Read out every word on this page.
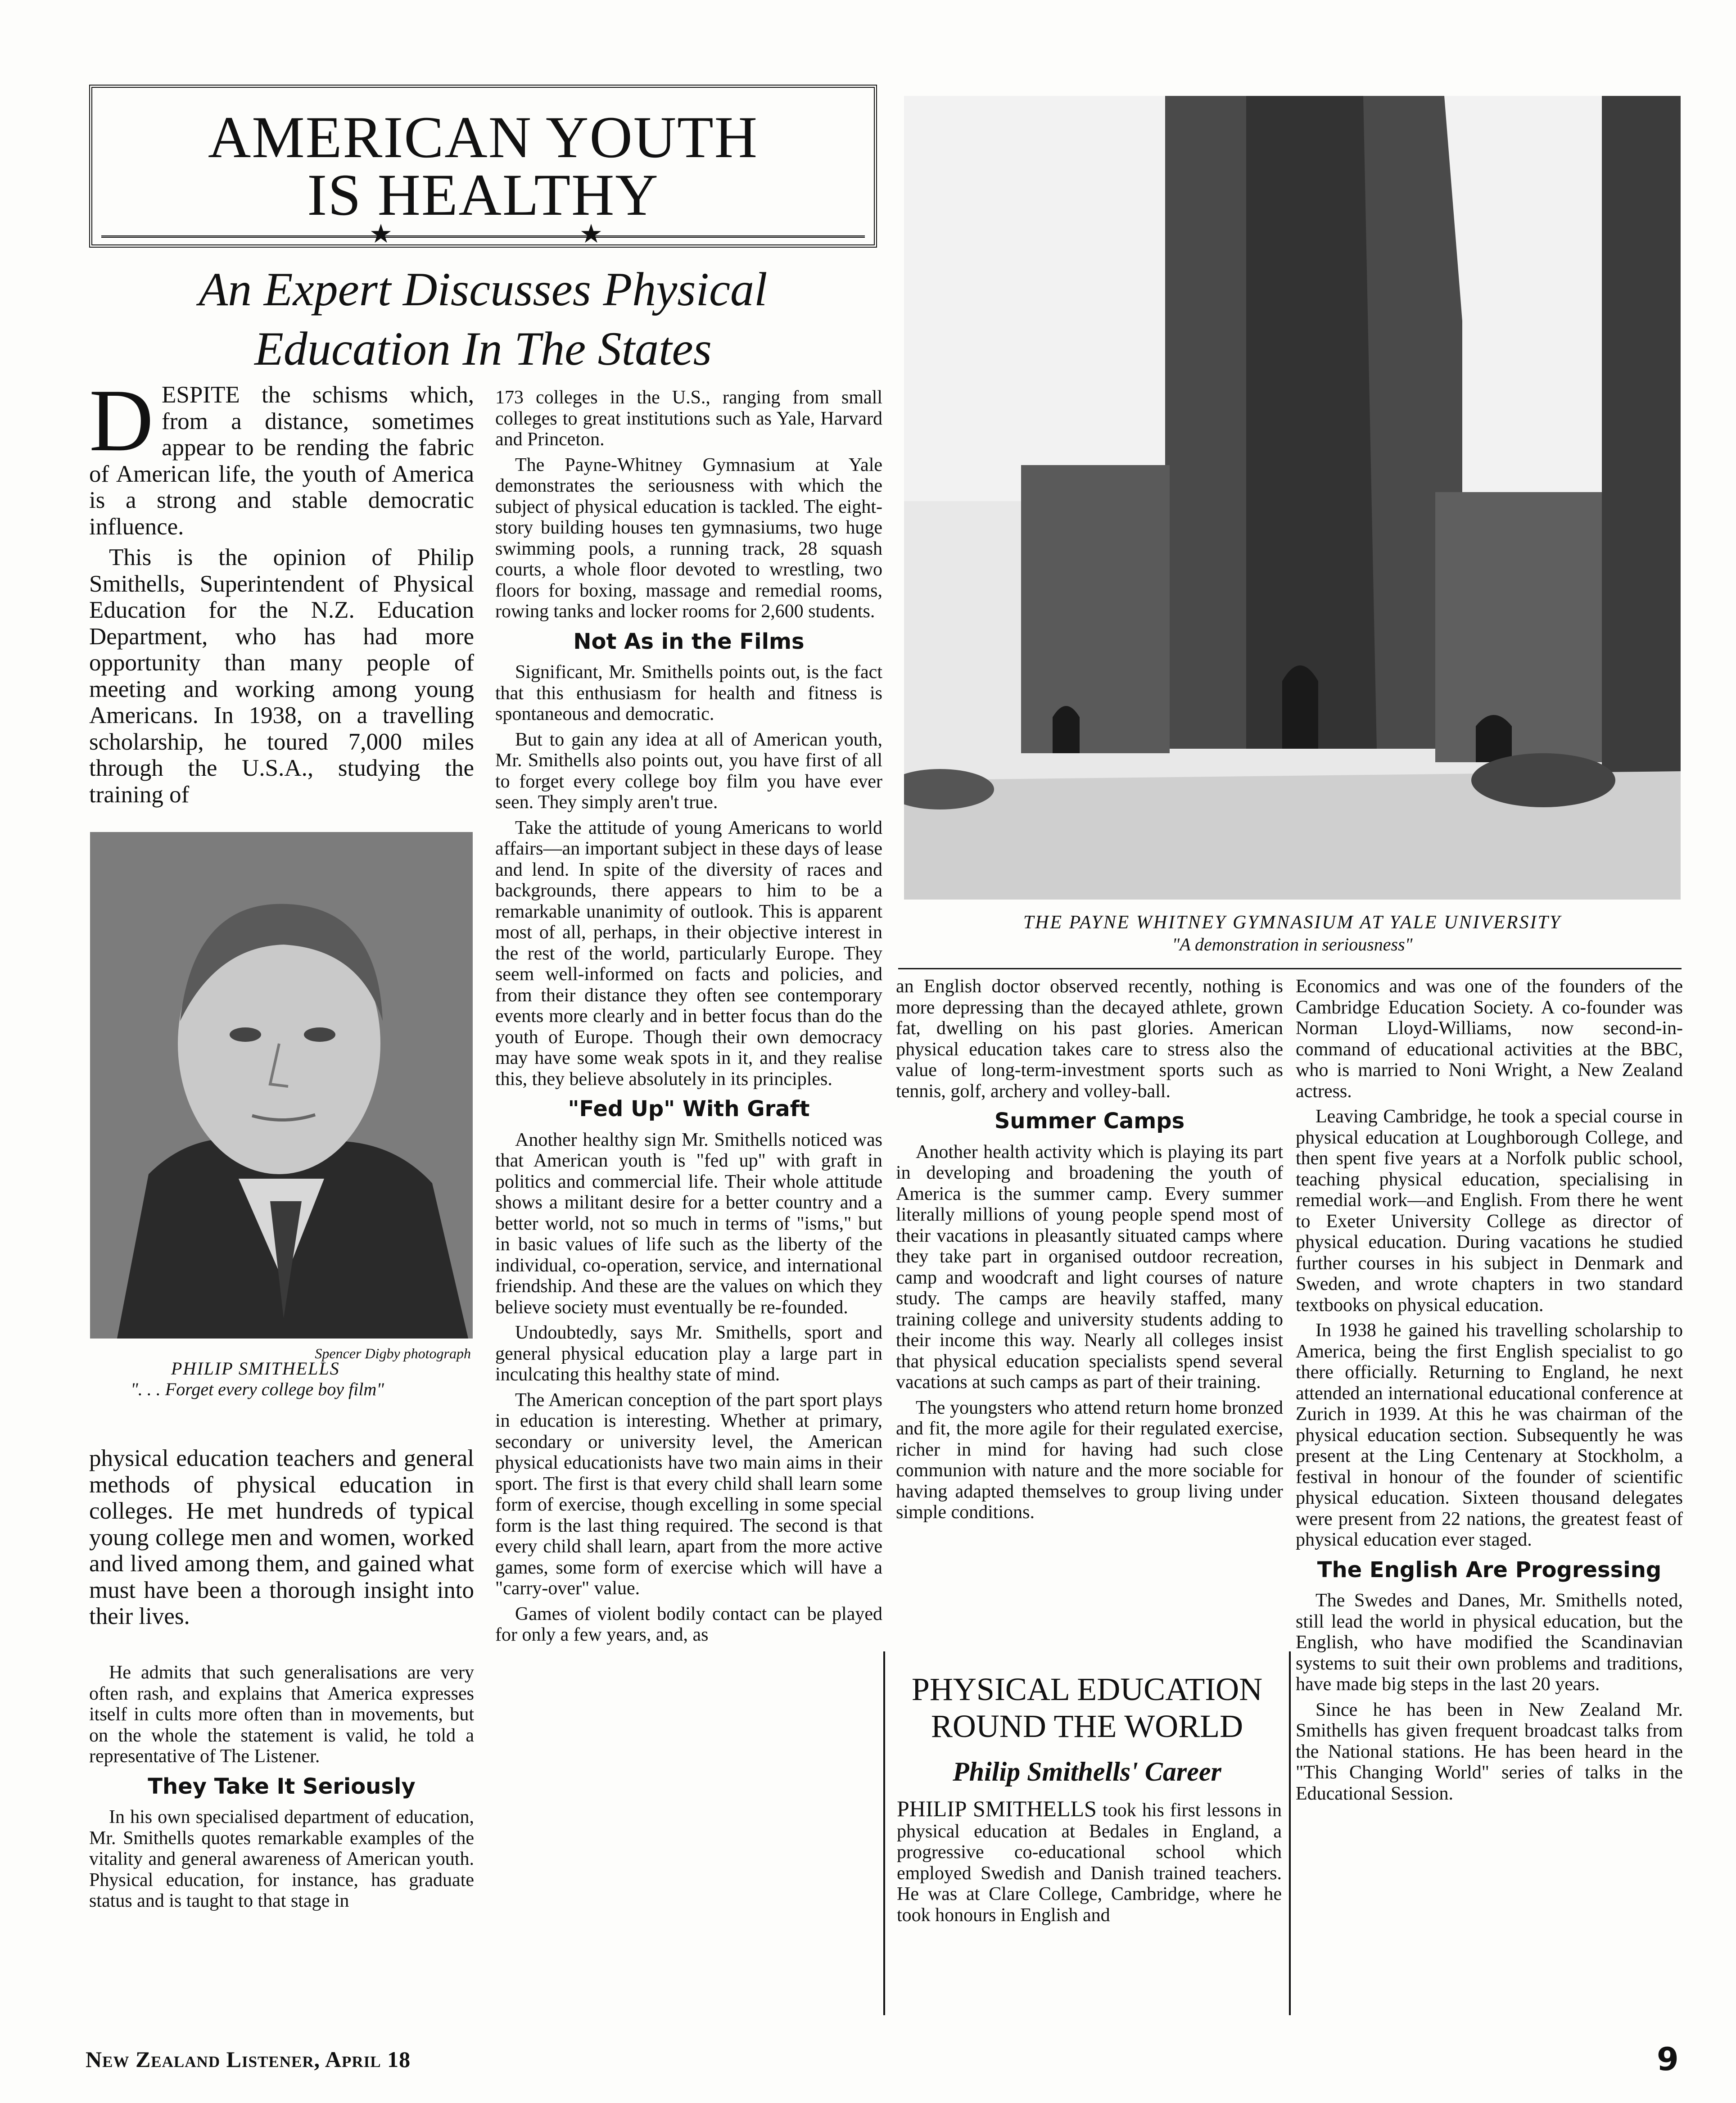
AMERICAN YOUTH
IS HEALTHY
★	★
An Expert Discusses Physical
Education In The States
D ESPITE the schisms which, from a distance, sometimes appear to be rending the fabric of American life, the youth of America is a strong and stable democratic influence.

This is the opinion of Philip Smithells, Superintendent of Physical Education for the N.Z. Education Department, who has had more opportunity than many people of meeting and working among young Americans. In 1938, on a travelling scholarship, he toured 7,000 miles through the U.S.A., studying the training of

Spencer Digby photograph
PHILIP SMITHELLS
". . . Forget every college boy film"

physical education teachers and general methods of physical education in colleges. He met hundreds of typical young college men and women, worked and lived among them, and gained what must have been a thorough insight into their lives.

He admits that such generalisations are very often rash, and explains that America expresses itself in cults more often than in movements, but on the whole the statement is valid, he told a representative of The Listener.

They Take It Seriously

In his own specialised department of education, Mr. Smithells quotes remarkable examples of the vitality and general awareness of American youth. Physical education, for instance, has graduate status and is taught to that stage in

173 colleges in the U.S., ranging from small colleges to great institutions such as Yale, Harvard and Princeton.

The Payne-Whitney Gymnasium at Yale demonstrates the seriousness with which the subject of physical education is tackled. The eight-story building houses ten gymnasiums, two huge swimming pools, a running track, 28 squash courts, a whole floor devoted to wrestling, two floors for boxing, massage and remedial rooms, rowing tanks and locker rooms for 2,600 students.

Not As in the Films

Significant, Mr. Smithells points out, is the fact that this enthusiasm for health and fitness is spontaneous and democratic.

But to gain any idea at all of American youth, Mr. Smithells also points out, you have first of all to forget every college boy film you have ever seen. They simply aren't true.

Take the attitude of young Americans to world affairs—an important subject in these days of lease and lend. In spite of the diversity of races and backgrounds, there appears to him to be a remarkable unanimity of outlook. This is apparent most of all, perhaps, in their objective interest in the rest of the world, particularly Europe. They seem well-informed on facts and policies, and from their distance they often see contemporary events more clearly and in better focus than do the youth of Europe. Though their own democracy may have some weak spots in it, and they realise this, they believe absolutely in its principles.

"Fed Up" With Graft

Another healthy sign Mr. Smithells noticed was that American youth is "fed up" with graft in politics and commercial life. Their whole attitude shows a militant desire for a better country and a better world, not so much in terms of "isms," but in basic values of life such as the liberty of the individual, co-operation, service, and international friendship. And these are the values on which they believe society must eventually be re-founded.

Undoubtedly, says Mr. Smithells, sport and general physical education play a large part in inculcating this healthy state of mind.

The American conception of the part sport plays in education is interesting. Whether at primary, secondary or university level, the American physical educationists have two main aims in their sport. The first is that every child shall learn some form of exercise, though excelling in some special form is the last thing required. The second is that every child shall learn, apart from the more active games, some form of exercise which will have a "carry-over" value.

Games of violent bodily contact can be played for only a few years, and, as

THE PAYNE WHITNEY GYMNASIUM AT YALE UNIVERSITY
"A demonstration in seriousness"

an English doctor observed recently, nothing is more depressing than the decayed athlete, grown fat, dwelling on his past glories. American physical education takes care to stress also the value of long-term-investment sports such as tennis, golf, archery and volley-ball.

Summer Camps

Another health activity which is playing its part in developing and broadening the youth of America is the summer camp. Every summer literally millions of young people spend most of their vacations in pleasantly situated camps where they take part in organised outdoor recreation, camp and woodcraft and light courses of nature study. The camps are heavily staffed, many training college and university students adding to their income this way. Nearly all colleges insist that physical education specialists spend several vacations at such camps as part of their training.

The youngsters who attend return home bronzed and fit, the more agile for their regulated exercise, richer in mind for having had such close communion with nature and the more sociable for having adapted themselves to group living under simple conditions.

PHYSICAL EDUCATION
ROUND THE WORLD
Philip Smithells' Career

PHILIP SMITHELLS took his first lessons in physical education at Bedales in England, a progressive co-educational school which employed Swedish and Danish trained teachers. He was at Clare College, Cambridge, where he took honours in English and

Economics and was one of the founders of the Cambridge Education Society. A co-founder was Norman Lloyd-Williams, now second-in-command of educational activities at the BBC, who is married to Noni Wright, a New Zealand actress.

Leaving Cambridge, he took a special course in physical education at Loughborough College, and then spent five years at a Norfolk public school, teaching physical education, specialising in remedial work—and English. From there he went to Exeter University College as director of physical education. During vacations he studied further courses in his subject in Denmark and Sweden, and wrote chapters in two standard textbooks on physical education.

In 1938 he gained his travelling scholarship to America, being the first English specialist to go there officially. Returning to England, he next attended an international educational conference at Zurich in 1939. At this he was chairman of the physical education section. Subsequently he was present at the Ling Centenary at Stockholm, a festival in honour of the founder of scientific physical education. Sixteen thousand delegates were present from 22 nations, the greatest feast of physical education ever staged.

The English Are Progressing

The Swedes and Danes, Mr. Smithells noted, still lead the world in physical education, but the English, who have modified the Scandinavian systems to suit their own problems and traditions, have made big steps in the last 20 years.

Since he has been in New Zealand Mr. Smithells has given frequent broadcast talks from the National stations. He has been heard in the "This Changing World" series of talks in the Educational Session.

New Zealand Listener, April 18	9
